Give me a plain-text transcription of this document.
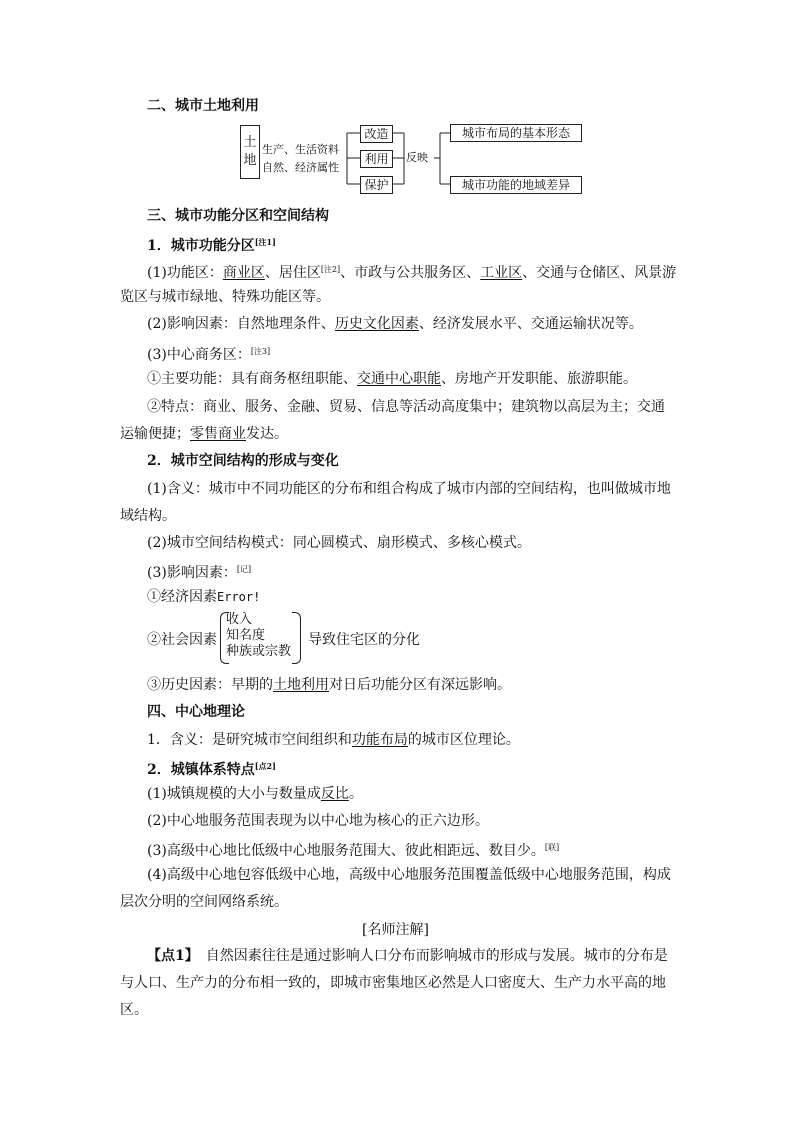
二、城市土地利用
土
地
生产、生活资料
自然、经济属性
改造
利用
保护
反映
城市布局的基本形态
城市功能的地域差异
三、城市功能分区和空间结构
1．城市功能分区[注1]
(1)功能区：商业区、居住区[注2]、市政与公共服务区、工业区、交通与仓储区、风景游
览区与城市绿地、特殊功能区等。
(2)影响因素：自然地理条件、历史文化因素、经济发展水平、交通运输状况等。
(3)中心商务区：[注3]
①主要功能：具有商务枢纽职能、交通中心职能、房地产开发职能、旅游职能。
②特点：商业、服务、金融、贸易、信息等活动高度集中；建筑物以高层为主；交通
运输便捷；零售商业发达。
2．城市空间结构的形成与变化
(1)含义：城市中不同功能区的分布和组合构成了城市内部的空间结构，也叫做城市地
域结构。
(2)城市空间结构模式：同心圆模式、扇形模式、多核心模式。
(3)影响因素：[记]
①经济因素Error!
②社会因素
收入
知名度
种族或宗教
导致住宅区的分化
③历史因素：早期的土地利用对日后功能分区有深远影响。
四、中心地理论
1．含义：是研究城市空间组织和功能布局的城市区位理论。
2．城镇体系特点[点2]
(1)城镇规模的大小与数量成反比。
(2)中心地服务范围表现为以中心地为核心的正六边形。
(3)高级中心地比低级中心地服务范围大、彼此相距远、数目少。[联]
(4)高级中心地包容低级中心地，高级中心地服务范围覆盖低级中心地服务范围，构成
层次分明的空间网络系统。
[名师注解]
【点1】　自然因素往往是通过影响人口分布而影响城市的形成与发展。城市的分布是
与人口、生产力的分布相一致的，即城市密集地区必然是人口密度大、生产力水平高的地
区。
